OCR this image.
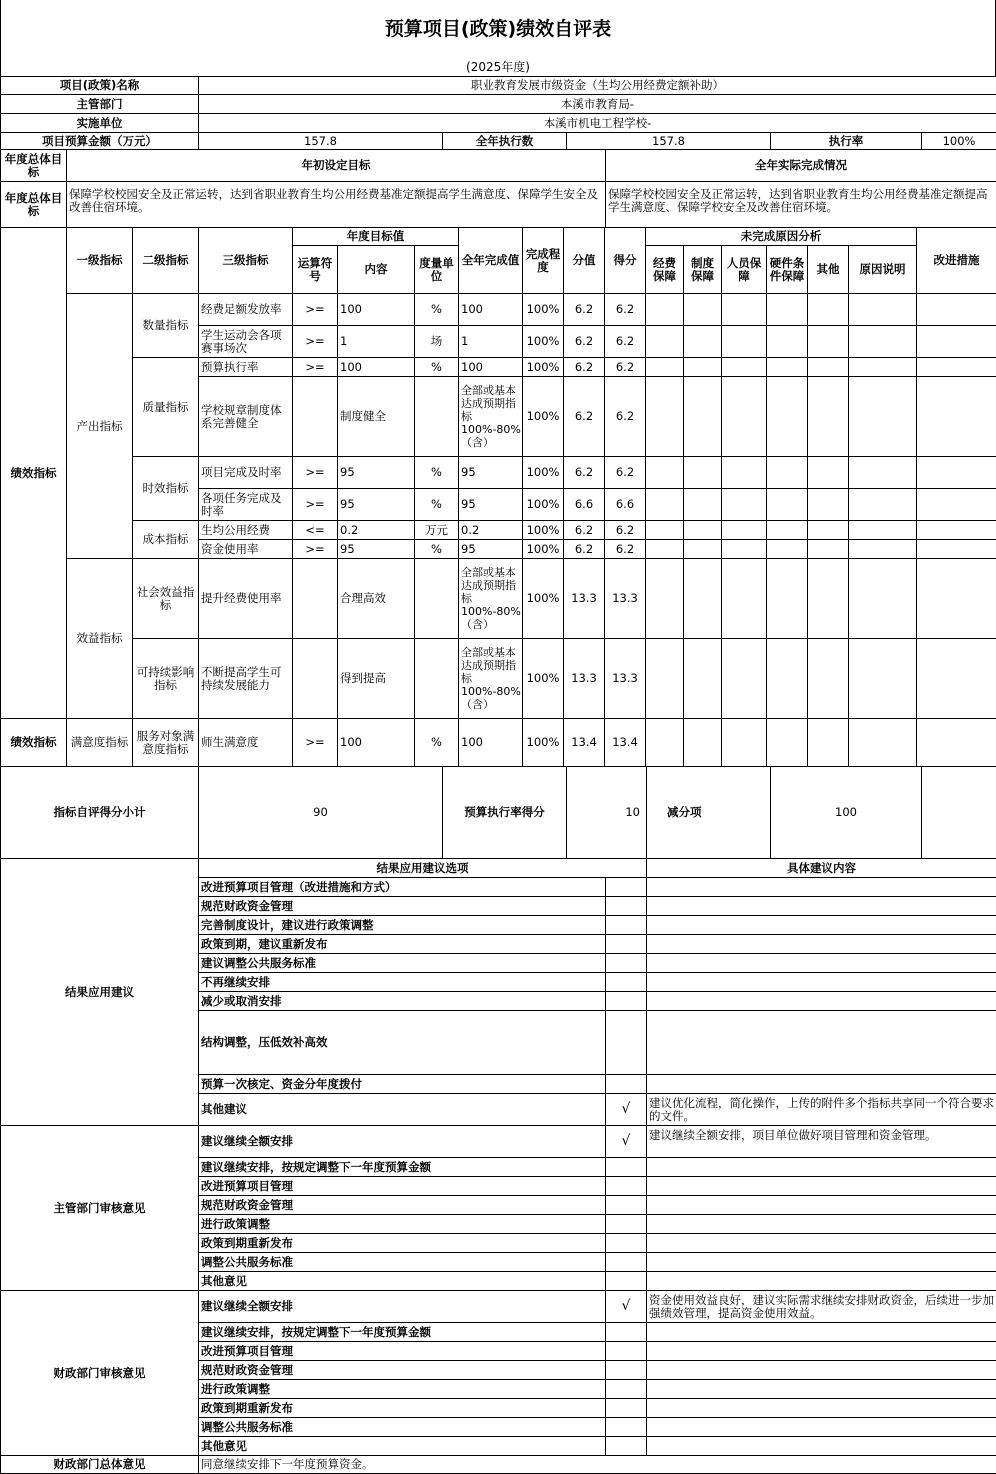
预算项目(政策)绩效自评表
(2025年度)
项目(政策)名称	职业教育发展市级资金（生均公用经费定额补助）				
主管部门	本溪市教育局-				
实施单位	本溪市机电工程学校-				
项目预算金额（万元）	157.8	全年执行数	157.8	执行率	100%
年度总体目标	年初设定目标	全年实际完成情况
年度总体目标	保障学校校园安全及正常运转，达到省职业教育生均公用经费基准定额提高学生满意度、保障学生安全及改善住宿环境。	保障学校校园安全及正常运转，达到省职业教育生均公用经费基准定额提高学生满意度、保障学校安全及改善住宿环境。
绩效指标	一级指标	二级指标	三级指标	年度目标值			全年完成值	完成程度	分值	得分	未完成原因分析						改进措施
				运算符号	内容	度量单位					经费保障	制度保障	人员保障	硬件条件保障	其他	原因说明	
	产出指标	数量指标	经费足额发放率	>=	100	%	100	100%	6.2	6.2							
			学生运动会各项赛事场次	>=	1	场	1	100%	6.2	6.2							
		质量指标	预算执行率	>=	100	%	100	100%	6.2	6.2							
			学校规章制度体系完善健全		制度健全		全部或基本达成预期指标100%-80%（含）	100%	6.2	6.2							
		时效指标	项目完成及时率	>=	95	%	95	100%	6.2	6.2							
			各项任务完成及时率	>=	95	%	95	100%	6.6	6.6							
		成本指标	生均公用经费	<=	0.2	万元	0.2	100%	6.2	6.2							
			资金使用率	>=	95	%	95	100%	6.2	6.2							
	效益指标	社会效益指标	提升经费使用率		合理高效		全部或基本达成预期指标100%-80%（含）	100%	13.3	13.3							
		可持续影响指标	不断提高学生可持续发展能力		得到提高		全部或基本达成预期指标100%-80%（含）	100%	13.3	13.3							
绩效指标	满意度指标	服务对象满意度指标	师生满意度	>=	100	%	100	100%	13.4	13.4							
指标自评得分小计	90	预算执行率得分	10	减分项		100
结果应用建议	结果应用建议选项		具体建议内容
	改进预算项目管理（改进措施和方式）		
	规范财政资金管理		
	完善制度设计，建议进行政策调整		
	政策到期，建议重新发布		
	建议调整公共服务标准		
	不再继续安排		
	减少或取消安排		
	结构调整，压低效补高效		
	预算一次核定、资金分年度拨付		
	其他建议	√	建议优化流程，简化操作，上传的附件多个指标共享同一个符合要求的文件。
主管部门审核意见	建议继续全额安排	√	建议继续全额安排，项目单位做好项目管理和资金管理。
	建议继续安排，按规定调整下一年度预算金额		
	改进预算项目管理		
	规范财政资金管理		
	进行政策调整		
	政策到期重新发布		
	调整公共服务标准		
	其他意见		
财政部门审核意见	建议继续全额安排	√	资金使用效益良好，建议实际需求继续安排财政资金，后续进一步加强绩效管理，提高资金使用效益。
	建议继续安排，按规定调整下一年度预算金额		
	改进预算项目管理		
	规范财政资金管理		
	进行政策调整		
	政策到期重新发布		
	调整公共服务标准		
	其他意见		
财政部门总体意见	同意继续安排下一年度预算资金。		
